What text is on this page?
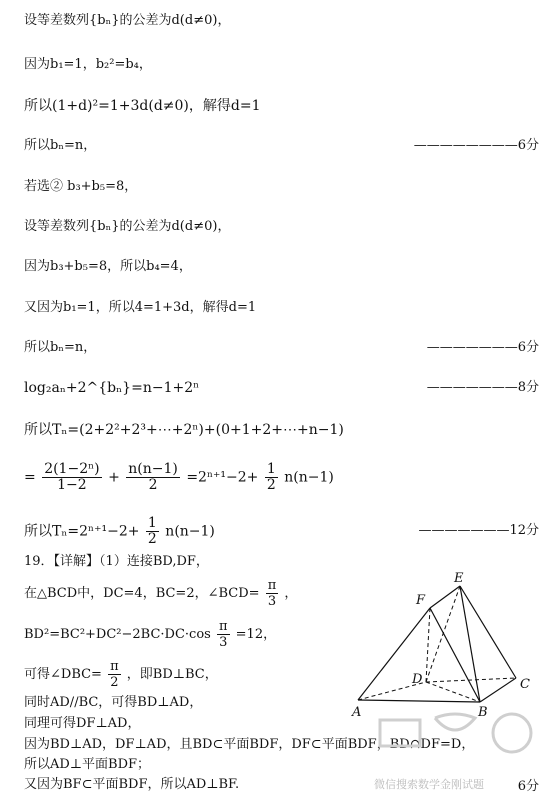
设等差数列{bₙ}的公差为d(d≠0)，
因为b₁=1，b₂²=b₄，
所以(1+d)²=1+3d(d≠0)，解得d=1
所以bₙ=n，	————————6分
若选② b₃+b₅=8，
设等差数列{bₙ}的公差为d(d≠0)，
因为b₃+b₅=8，所以b₄=4，
又因为b₁=1，所以4=1+3d，解得d=1
所以bₙ=n，	———————6分
log₂aₙ+2^{bₙ}=n−1+2ⁿ	———————8分
所以Tₙ=(2+2²+2³+⋯+2ⁿ)+(0+1+2+⋯+n−1)
= $\frac{\text{2(1−2ⁿ)}}{1-2} + \frac{n(n-1)}{2} =2^{n+1}-2+ \frac{1}{2} n(n-1)$
所以$T_n=2^{n+1}-2+ \frac{1}{2} n(n-1)$	———————12分
19．【详解】（1）连接BD,DF，
在△BCD中，DC=4，BC=2，∠BCD= $\frac{\pi}{3}$ ，
$BD^2=BC^2+DC^2-2BC\cdot DC\cdot\cos \frac{\pi}{3} =12$，
可得∠DBC= $\frac{\pi}{2}$ ，即BD⊥BC，
同时AD//BC，可得BD⊥AD，
同理可得DF⊥AD，
因为BD⊥AD，DF⊥AD，且BD⊂平面BDF，DF⊂平面BDF，BD∩DF=D，
所以AD⊥平面BDF；
又因为BF⊂平面BDF，所以AD⊥BF.	6分
E
F
D	C
A	B
微信搜索数学金刚试题
